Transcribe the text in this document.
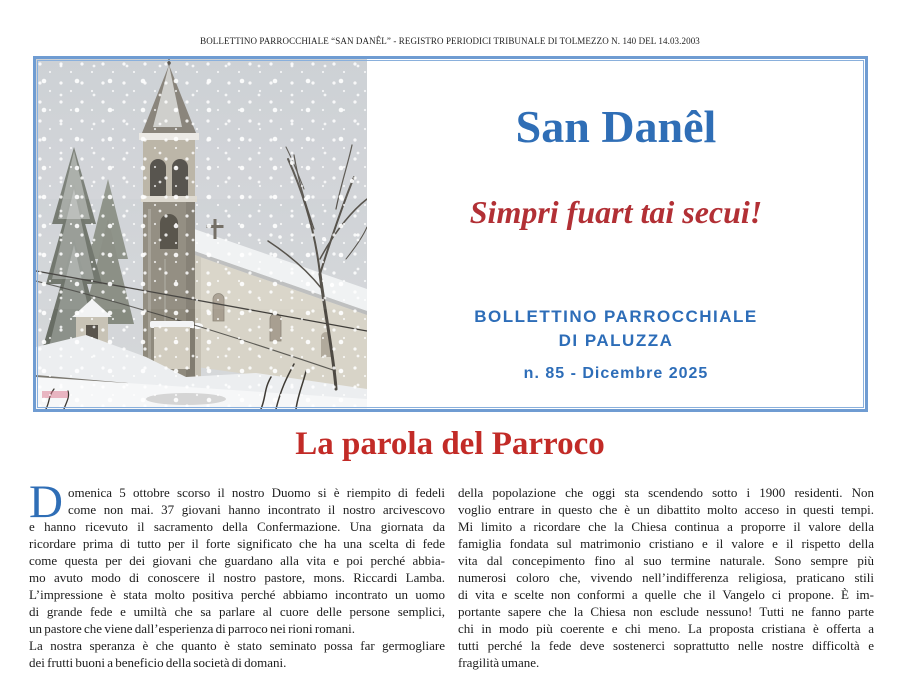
BOLLETTINO PARROCCHIALE “SAN DANÊL” - REGISTRO PERIODICI TRIBUNALE DI TOLMEZZO N. 140 DEL 14.03.2003
San Danêl
Simpri fuart tai secui!
BOLLETTINO PARROCCHIALE
DI PALUZZA
n. 85 - Dicembre 2025
La parola del Parroco
D omenica 5 ottobre scorso il nostro Duomo si è riempito di fedeli
come non mai. 37 giovani hanno incontrato il nostro arcivescovo
e hanno ricevuto il sacramento della Confermazione. Una giornata da
ricordare prima di tutto per il forte significato che ha una scelta di fede
come questa per dei giovani che guardano alla vita e poi perché abbia-
mo avuto modo di conoscere il nostro pastore, mons. Riccardi Lamba.
L’impressione è stata molto positiva perché abbiamo incontrato un uomo
di grande fede e umiltà che sa parlare al cuore delle persone semplici,
un pastore che viene dall’esperienza di parroco nei rioni romani.
La nostra speranza è che quanto è stato seminato possa far germogliare
dei frutti buoni a beneficio della società di domani.
della popolazione che oggi sta scendendo sotto i 1900 residenti. Non
voglio entrare in questo che è un dibattito molto acceso in questi tempi.
Mi limito a ricordare che la Chiesa continua a proporre il valore della
famiglia fondata sul matrimonio cristiano e il valore e il rispetto della
vita dal concepimento fino al suo termine naturale. Sono sempre più
numerosi coloro che, vivendo nell’indifferenza religiosa, praticano stili
di vita e scelte non conformi a quelle che il Vangelo ci propone. È im-
portante sapere che la Chiesa non esclude nessuno! Tutti ne fanno parte
chi in modo più coerente e chi meno. La proposta cristiana è offerta a
tutti perché la fede deve sostenerci soprattutto nelle nostre difficoltà e
fragilità umane.
